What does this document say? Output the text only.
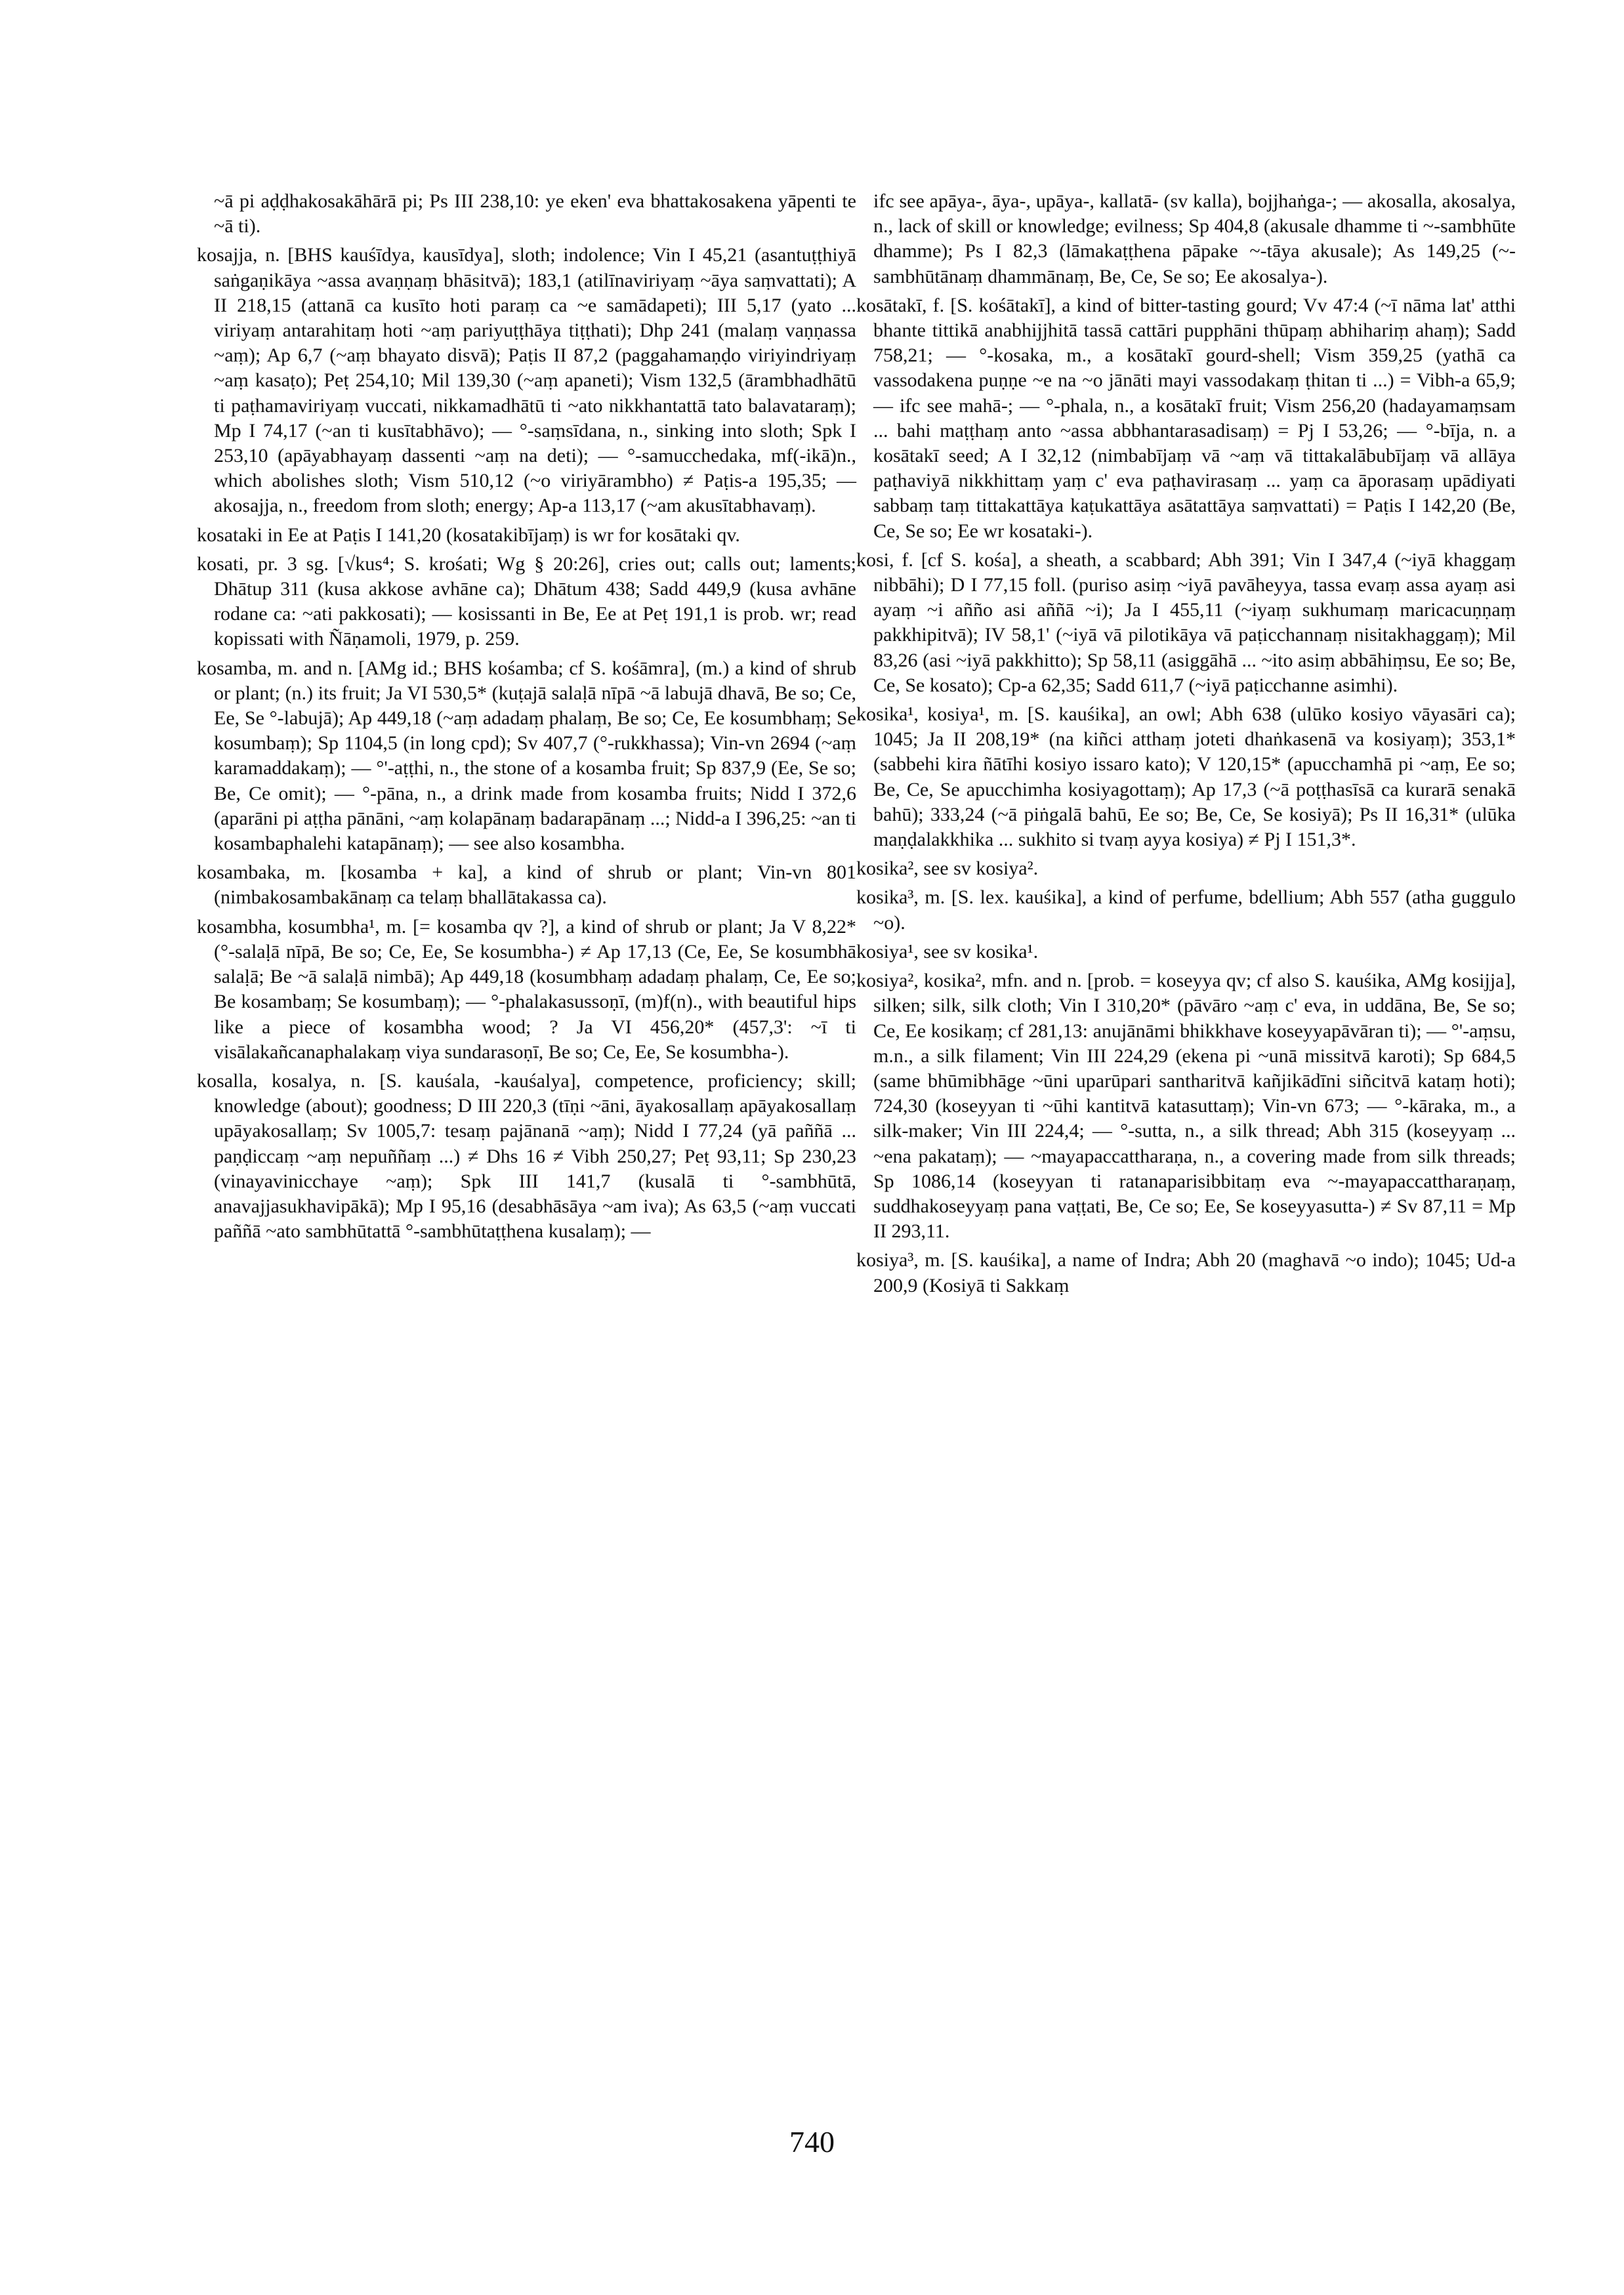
~ā pi aḍḍhakosakāhārā pi; Ps III 238,10: ye eken' eva bhattakosakena yāpenti te ~ā ti).

kosajja, n. [BHS kauśīdya, kausīdya], sloth; indolence; Vin I 45,21 (asantuṭṭhiyā saṅgaṇikāya ~assa avaṇṇaṃ bhāsitvā); 183,1 (atilīnaviriyaṃ ~āya saṃvattati); A II 218,15 (attanā ca kusīto hoti paraṃ ca ~e samādapeti); III 5,17 (yato ... viriyaṃ antarahitaṃ hoti ~aṃ pariyuṭṭhāya tiṭṭhati); Dhp 241 (malaṃ vaṇṇassa ~aṃ); Ap 6,7 (~aṃ bhayato disvā); Paṭis II 87,2 (paggahamaṇḍo viriyindriyaṃ ~aṃ kasaṭo); Peṭ 254,10; Mil 139,30 (~aṃ apaneti); Vism 132,5 (ārambhadhātū ti paṭhamaviriyaṃ vuccati, nikkamadhātū ti ~ato nikkhantattā tato balavataraṃ); Mp I 74,17 (~an ti kusītabhāvo); — °-saṃsīdana, n., sinking into sloth; Spk I 253,10 (apāyabhayaṃ dassenti ~aṃ na deti); — °-samucchedaka, mf(-ikā)n., which abolishes sloth; Vism 510,12 (~o viriyārambho) ≠ Paṭis-a 195,35; — akosajja, n., freedom from sloth; energy; Ap-a 113,17 (~am akusītabhavaṃ).

kosataki in Ee at Paṭis I 141,20 (kosatakibījaṃ) is wr for kosātaki qv.

kosati, pr. 3 sg. [√kus⁴; S. krośati; Wg § 20:26], cries out; calls out; laments; Dhātup 311 (kusa akkose avhāne ca); Dhātum 438; Sadd 449,9 (kusa avhāne rodane ca: ~ati pakkosati); — kosissanti in Be, Ee at Peṭ 191,1 is prob. wr; read kopissati with Ñāṇamoli, 1979, p. 259.

kosamba, m. and n. [AMg id.; BHS kośamba; cf S. kośāmra], (m.) a kind of shrub or plant; (n.) its fruit; Ja VI 530,5* (kuṭajā salaḷā nīpā ~ā labujā dhavā, Be so; Ce, Ee, Se °-labujā); Ap 449,18 (~aṃ adadaṃ phalaṃ, Be so; Ce, Ee kosumbhaṃ; Se kosumbaṃ); Sp 1104,5 (in long cpd); Sv 407,7 (°-rukkhassa); Vin-vn 2694 (~aṃ karamaddakaṃ); — °'-aṭṭhi, n., the stone of a kosamba fruit; Sp 837,9 (Ee, Se so; Be, Ce omit); — °-pāna, n., a drink made from kosamba fruits; Nidd I 372,6 (aparāni pi aṭṭha pānāni, ~aṃ kolapānaṃ badarapānaṃ ...; Nidd-a I 396,25: ~an ti kosambaphalehi katapānaṃ); — see also kosambha.

kosambaka, m. [kosamba + ka], a kind of shrub or plant; Vin-vn 801 (nimbakosambakānaṃ ca telaṃ bhallātakassa ca).

kosambha, kosumbha¹, m. [= kosamba qv ?], a kind of shrub or plant; Ja V 8,22* (°-salaḷā nīpā, Be so; Ce, Ee, Se kosumbha-) ≠ Ap 17,13 (Ce, Ee, Se kosumbhā salaḷā; Be ~ā salaḷā nimbā); Ap 449,18 (kosumbhaṃ adadaṃ phalaṃ, Ce, Ee so; Be kosambaṃ; Se kosumbaṃ); — °-phalakasussoṇī, (m)f(n)., with beautiful hips like a piece of kosambha wood; ? Ja VI 456,20* (457,3': ~ī ti visālakañcanaphalakaṃ viya sundarasoṇī, Be so; Ce, Ee, Se kosumbha-).

kosalla, kosalya, n. [S. kauśala, -kauśalya], competence, proficiency; skill; knowledge (about); goodness; D III 220,3 (tīṇi ~āni, āyakosallaṃ apāyakosallaṃ upāyakosallaṃ; Sv 1005,7: tesaṃ pajānanā ~aṃ); Nidd I 77,24 (yā paññā ... paṇḍiccaṃ ~aṃ nepuññaṃ ...) ≠ Dhs 16 ≠ Vibh 250,27; Peṭ 93,11; Sp 230,23 (vinayavinicchaye ~aṃ); Spk III 141,7 (kusalā ti °-sambhūtā, anavajjasukhavipākā); Mp I 95,16 (desabhāsāya ~am iva); As 63,5 (~aṃ vuccati paññā ~ato sambhūtattā °-sambhūtaṭṭhena kusalaṃ); —

ifc see apāya-, āya-, upāya-, kallatā- (sv kalla), bojjhaṅga-; — akosalla, akosalya, n., lack of skill or knowledge; evilness; Sp 404,8 (akusale dhamme ti ~-sambhūte dhamme); Ps I 82,3 (lāmakaṭṭhena pāpake ~-tāya akusale); As 149,25 (~-sambhūtānaṃ dhammānaṃ, Be, Ce, Se so; Ee akosalya-).

kosātakī, f. [S. kośātakī], a kind of bitter-tasting gourd; Vv 47:4 (~ī nāma lat' atthi bhante tittikā anabhijjhitā tassā cattāri pupphāni thūpaṃ abhihariṃ ahaṃ); Sadd 758,21; — °-kosaka, m., a kosātakī gourd-shell; Vism 359,25 (yathā ca vassodakena puṇṇe ~e na ~o jānāti mayi vassodakaṃ ṭhitan ti ...) = Vibh-a 65,9; — ifc see mahā-; — °-phala, n., a kosātakī fruit; Vism 256,20 (hadayamaṃsam ... bahi maṭṭhaṃ anto ~assa abbhantarasadisaṃ) = Pj I 53,26; — °-bīja, n. a kosātakī seed; A I 32,12 (nimbabījaṃ vā ~aṃ vā tittakalābubījaṃ vā allāya paṭhaviyā nikkhittaṃ yaṃ c' eva paṭhavirasaṃ ... yaṃ ca āporasaṃ upādiyati sabbaṃ taṃ tittakattāya kaṭukattāya asātattāya saṃvattati) = Paṭis I 142,20 (Be, Ce, Se so; Ee wr kosataki-).

kosi, f. [cf S. kośa], a sheath, a scabbard; Abh 391; Vin I 347,4 (~iyā khaggaṃ nibbāhi); D I 77,15 foll. (puriso asiṃ ~iyā pavāheyya, tassa evaṃ assa ayaṃ asi ayaṃ ~i añño asi aññā ~i); Ja I 455,11 (~iyaṃ sukhumaṃ maricacuṇṇaṃ pakkhipitvā); IV 58,1' (~iyā vā pilotikāya vā paṭicchannaṃ nisitakhaggaṃ); Mil 83,26 (asi ~iyā pakkhitto); Sp 58,11 (asiggāhā ... ~ito asiṃ abbāhiṃsu, Ee so; Be, Ce, Se kosato); Cp-a 62,35; Sadd 611,7 (~iyā paṭicchanne asimhi).

kosika¹, kosiya¹, m. [S. kauśika], an owl; Abh 638 (ulūko kosiyo vāyasāri ca); 1045; Ja II 208,19* (na kiñci atthaṃ joteti dhaṅkasenā va kosiyaṃ); 353,1* (sabbehi kira ñātīhi kosiyo issaro kato); V 120,15* (apucchamhā pi ~aṃ, Ee so; Be, Ce, Se apucchimha kosiyagottaṃ); Ap 17,3 (~ā poṭṭhasīsā ca kurarā senakā bahū); 333,24 (~ā piṅgalā bahū, Ee so; Be, Ce, Se kosiyā); Ps II 16,31* (ulūka maṇḍalakkhika ... sukhito si tvaṃ ayya kosiya) ≠ Pj I 151,3*.

kosika², see sv kosiya².

kosika³, m. [S. lex. kauśika], a kind of perfume, bdellium; Abh 557 (atha guggulo ~o).

kosiya¹, see sv kosika¹.

kosiya², kosika², mfn. and n. [prob. = koseyya qv; cf also S. kauśika, AMg kosijja], silken; silk, silk cloth; Vin I 310,20* (pāvāro ~aṃ c' eva, in uddāna, Be, Se so; Ce, Ee kosikaṃ; cf 281,13: anujānāmi bhikkhave koseyyapāvāran ti); — °'-aṃsu, m.n., a silk filament; Vin III 224,29 (ekena pi ~unā missitvā karoti); Sp 684,5 (same bhūmibhāge ~ūni uparūpari santharitvā kañjikādīni siñcitvā kataṃ hoti); 724,30 (koseyyan ti ~ūhi kantitvā katasuttaṃ); Vin-vn 673; — °-kāraka, m., a silk-maker; Vin III 224,4; — °-sutta, n., a silk thread; Abh 315 (koseyyaṃ ... ~ena pakataṃ); — ~mayapaccattharaṇa, n., a covering made from silk threads; Sp 1086,14 (koseyyan ti ratanaparisibbitaṃ eva ~-mayapaccattharaṇaṃ, suddhakoseyyaṃ pana vaṭṭati, Be, Ce so; Ee, Se koseyyasutta-) ≠ Sv 87,11 = Mp II 293,11.

kosiya³, m. [S. kauśika], a name of Indra; Abh 20 (maghavā ~o indo); 1045; Ud-a 200,9 (Kosiyā ti Sakkaṃ

740
